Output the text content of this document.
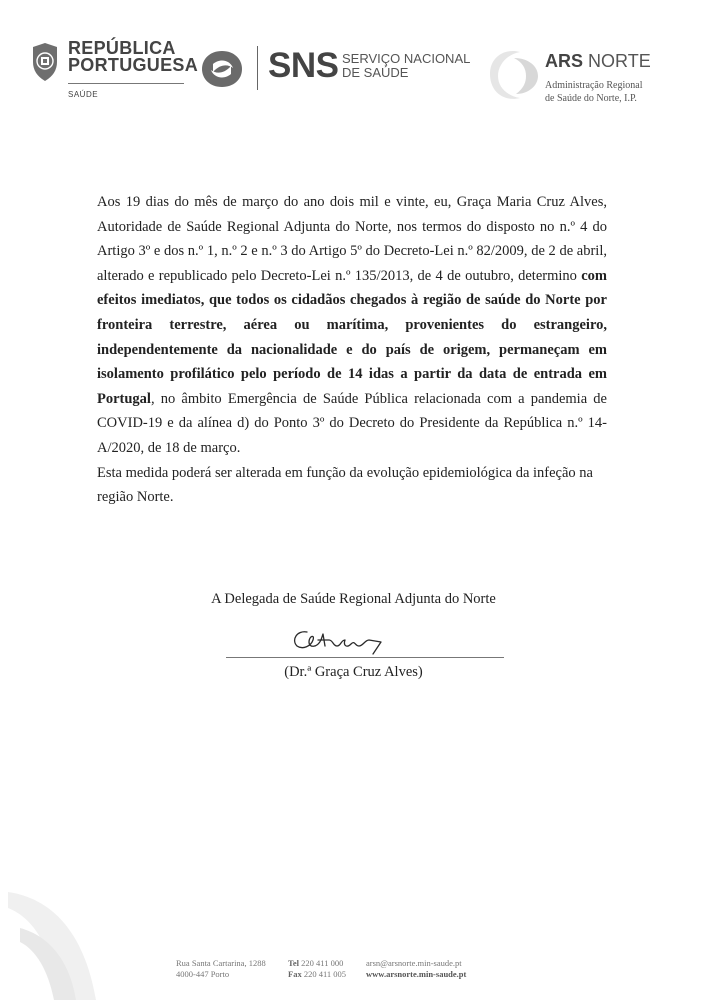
REPÚBLICA
PORTUGUESA
SAÚDE
SNS SERVIÇO NACIONAL
DE SAÚDE
ARS NORTE
Administração Regional
de Saúde do Norte, I.P.

Aos 19 dias do mês de março do ano dois mil e vinte, eu, Graça Maria Cruz Alves, Autoridade de Saúde Regional Adjunta do Norte, nos termos do disposto no n.º 4 do Artigo 3º e dos n.º 1, n.º 2 e n.º 3 do Artigo 5º do Decreto-Lei n.º 82/2009, de 2 de abril, alterado e republicado pelo Decreto-Lei n.º 135/2013, de 4 de outubro, determino com efeitos imediatos, que todos os cidadãos chegados à região de saúde do Norte por fronteira terrestre, aérea ou marítima, provenientes do estrangeiro, independentemente da nacionalidade e do país de origem, permaneçam em isolamento profilático pelo período de 14 idas a partir da data de entrada em Portugal, no âmbito Emergência de Saúde Pública relacionada com a pandemia de COVID-19 e da alínea d) do Ponto 3º do Decreto do Presidente da República n.º 14-A/2020, de 18 de março.

Esta medida poderá ser alterada em função da evolução epidemiológica da infeção na região Norte.

A Delegada de Saúde Regional Adjunta do Norte
(Dr.ª Graça Cruz Alves)
Rua Santa Cartarina, 1288
4000-447 Porto
Tel 220 411 000
Fax 220 411 005
arsn@arsnorte.min-saude.pt
www.arsnorte.min-saude.pt
